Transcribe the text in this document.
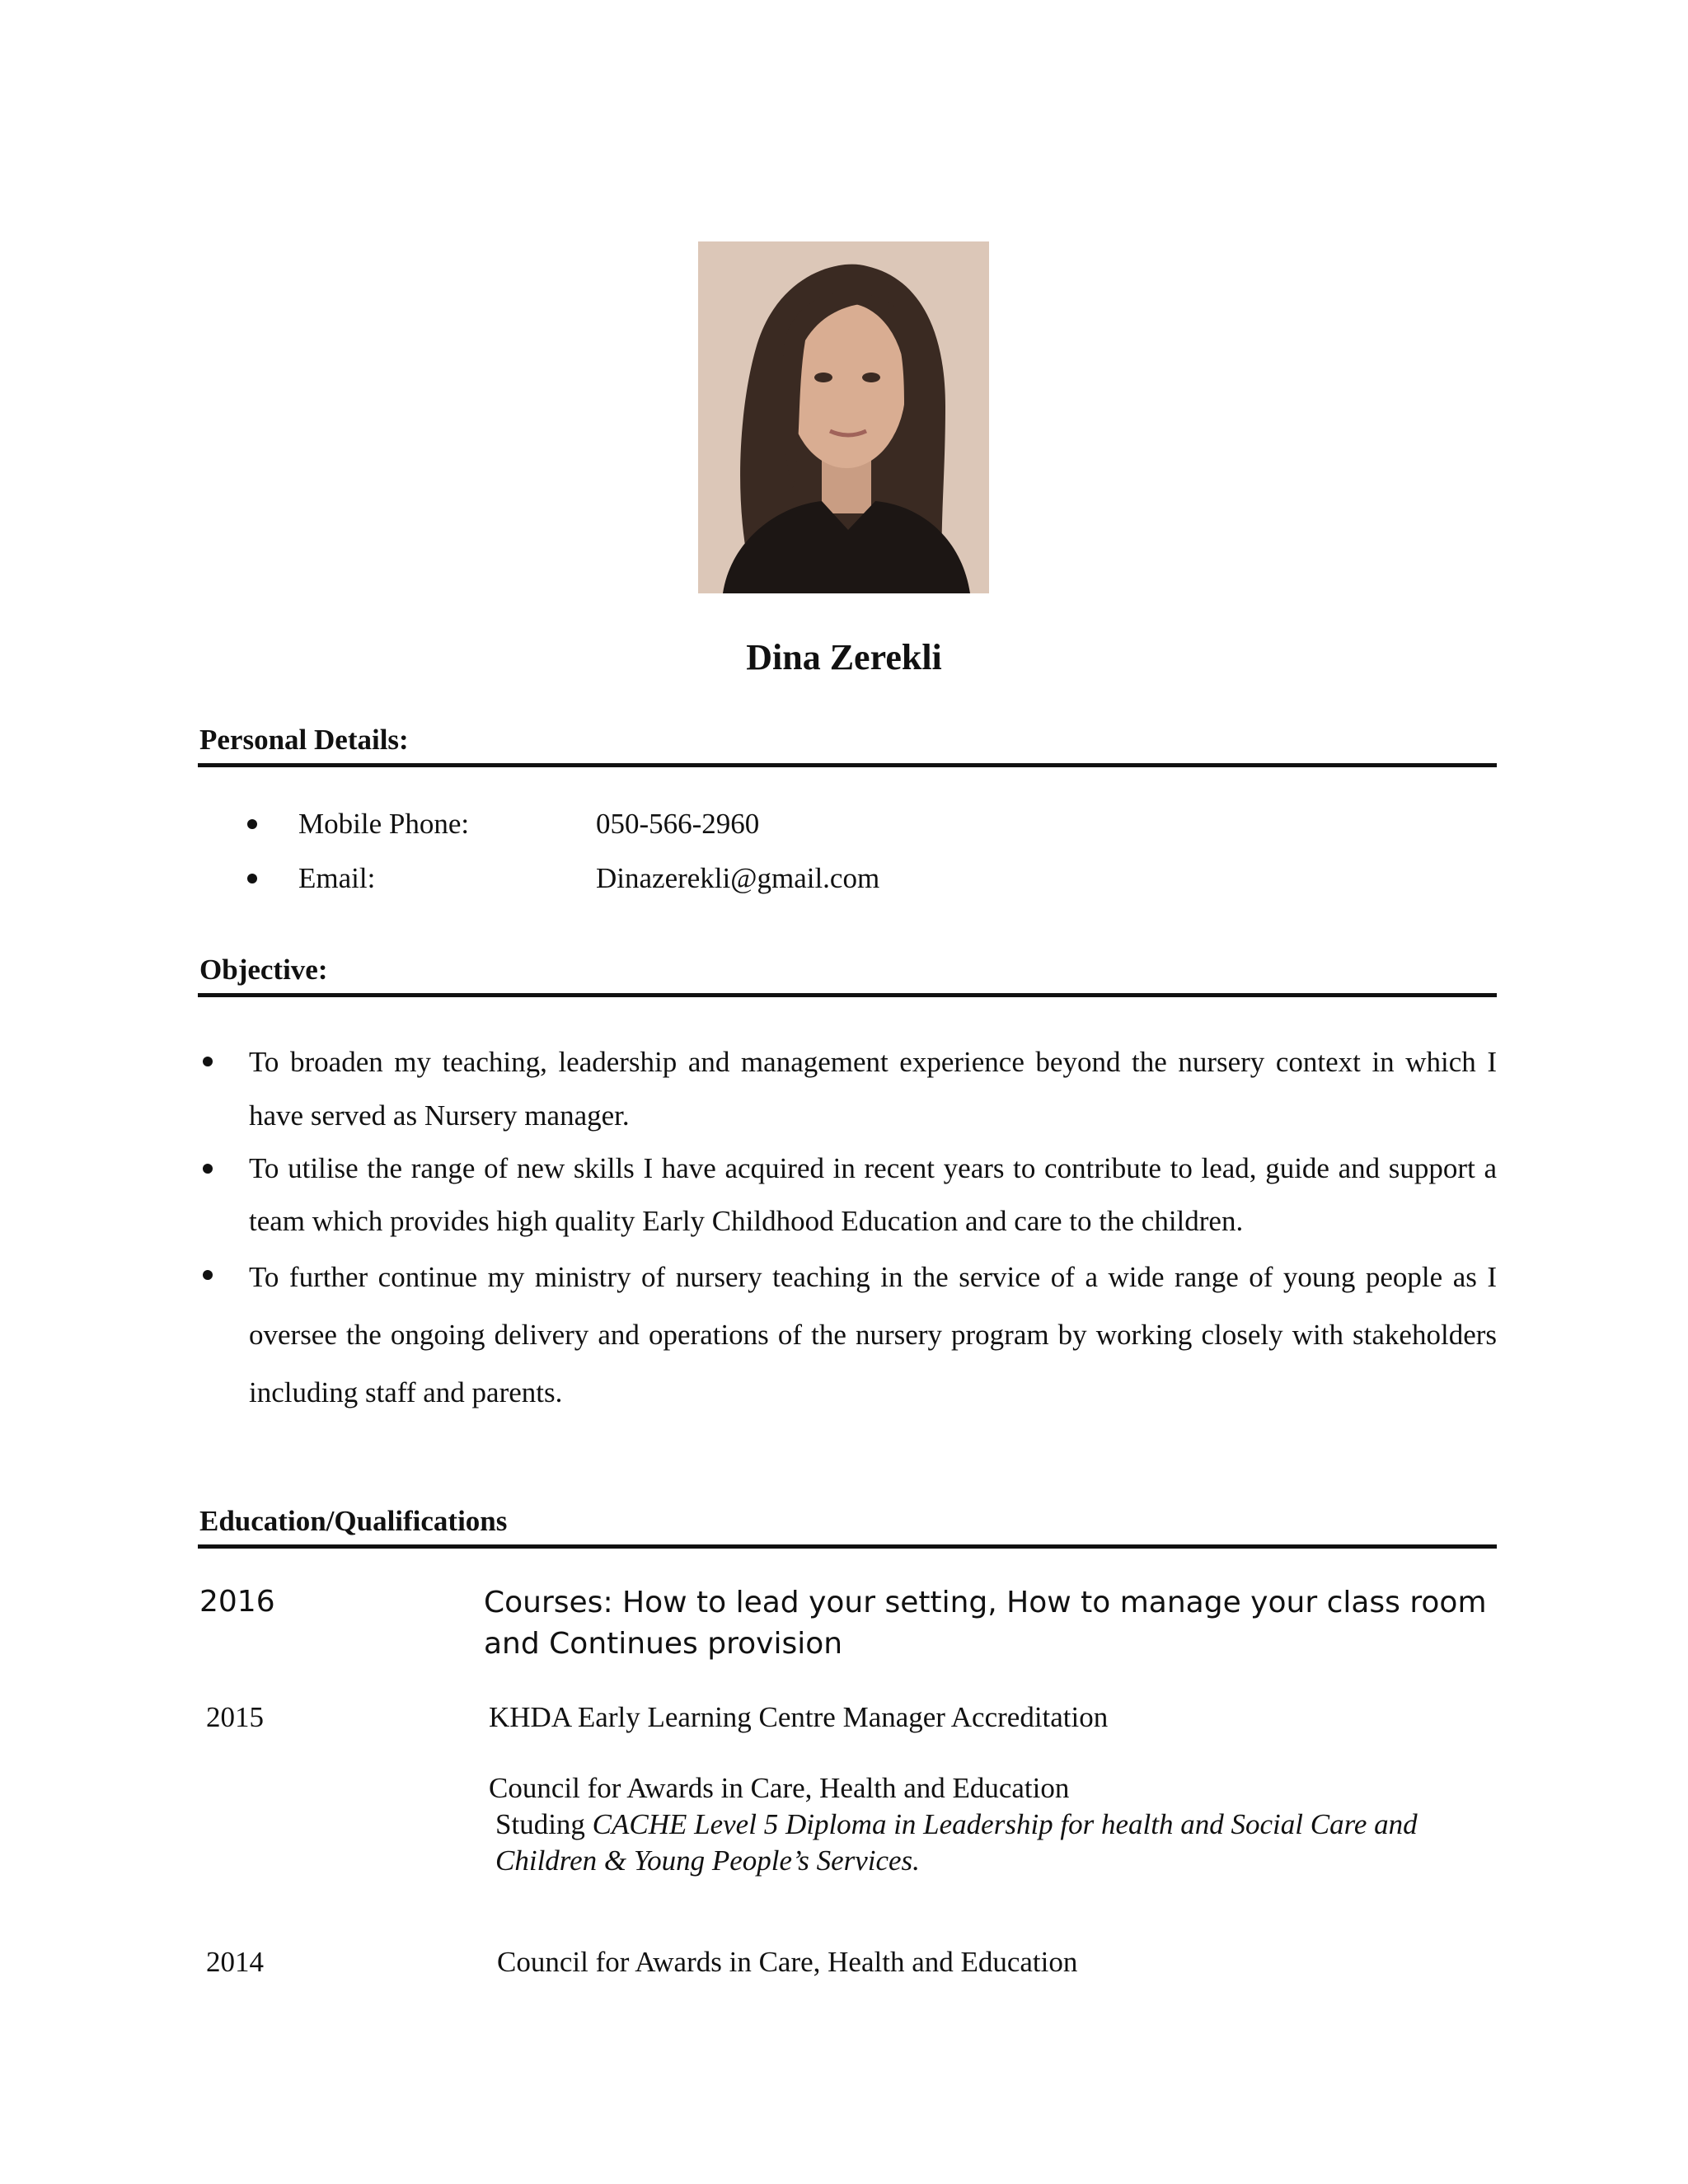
Dina Zerekli
Personal Details:
Mobile Phone:	050-566-2960
Email:	Dinazerekli@gmail.com
Objective:
To broaden my teaching, leadership and management experience beyond the nursery context in which I have served as Nursery manager.
To utilise the range of new skills I have acquired in recent years to contribute to lead, guide and support a team which provides high quality Early Childhood Education and care to the children.
To further continue my ministry of nursery teaching in the service of a wide range of young people as I oversee the ongoing delivery and operations of the nursery program by working closely with stakeholders including staff and parents.
Education/Qualifications
2016	Courses: How to lead your setting, How to manage your class room and Continues provision
2015	KHDA Early Learning Centre Manager Accreditation
Council for Awards in Care, Health and Education
Studing CACHE Level 5 Diploma in Leadership for health and Social Care and
Children & Young People’s Services.
2014	Council for Awards in Care, Health and Education
